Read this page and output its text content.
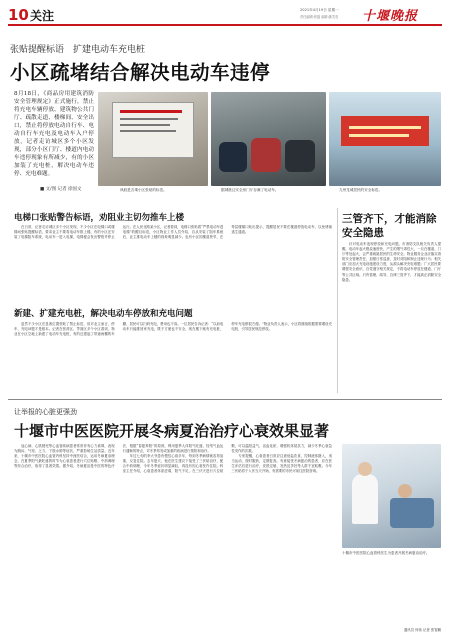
10 关注	2021年4月19日 星期一
责任编辑:张磊 编辑:姚雪莹 十堰晚报
张贴提醒标语　扩建电动车充电桩
小区疏堵结合解决电动车违停
8月18日，《商品房用建筑消防安全管理规定》正式施行，禁止将充电车辆停放、建筑物公共门厅、疏散走道、楼梯间、安全出口，禁止将停放电动自行车、电动自行车充电及电动车入户停放，记者走访城区多个小区发现，部分小区门厅、楼道内电动车违停现象有所减少，有的小区加装了充电桩，解决电动车违停、充电难题。
■ 文/图 记者 徐国文	讽胶是否乘小区张贴的标语。	据城晨且安全房门厅存满了电动车。	九州龙城居民的安全标语。
电梯口张贴警告标语，劝阻业主切勿推车上楼

在日常，记者走访城区多个小区发现，不少小区在电梯口或楼梯间张贴提醒标语，要求业主不要将电动车推上楼。有的小区还安装了电梯阻车系统，电动车一进入电梯，电梯便会发出警报并停止运行。在人民北路某小区，记者看到，电梯口张贴着“严禁电动车进电梯”的醒目标语，小区物业工作人员介绍，自从安装了阻车系统后，业主推电动车上楼的现象明显减少。也有小区因楼道狭窄，在每层楼梯口贴出提示，提醒居民不要在楼道停放电动车，以免堵塞逃生通道。

新建、扩建充电桩，解决电动车停放和充电问题

虽然不少小区在显著位置张贴了禁止标语，但对业主而言，停车、充电问题才是根本。记者在张湾区、茅箭区多个小区看到，物业在小区空地上新建了电动车充电桩，有的还建起了带遮雨棚的车棚，居民可以扫码充电，费用也不高。一位居民告诉记者：“以前电动车只能推回家充电，既不方便也不安全，现在楼下就有充电桩，停车充电都很方便。”物业负责人表示，小区将继续根据需要增设充电桩，引导居民规范停放。

三管齐下，才能消除安全隐患

针对电动车违规停放和充电问题，市消防支队相关负责人提醒，电动车起火燃烧速度快，产生的烟气毒性大，一旦在楼道、门厅等处起火，会严重威胁居民的生命安全。物业服务企业应落实消防安全管理责任，加强日常巡查，及时劝阻和制止违规行为；相关部门应加大充电设施建设力度，从源头解决充电难题；广大居民要增强安全意识，自觉遵守相关规定，不将电动车停放在楼道、门厅等公共区域。只有管理、疏导、自律三管齐下，才能真正消除安全隐患。

让举报的心脏更强劲
十堰市中医医院开展冬病夏治治疗心衰效果显著

冠心病、心肌梗死等心血管疾病患者常常伴有心力衰竭，表现为胸闷、气短、乏力、下肢水肿等症状，严重影响生活质量。近年来，十堰市中医医院心血管内科坚持中西医结合，运用冬病夏治理念，在夏季阳气最旺盛的时节为心衰患者进行穴位贴敷、中药调理等综合治疗，取得了显著效果。据介绍，冬病夏治是中医的特色疗法，根据“春夏养阳”的原则，利用夏季人体阳气旺盛、经络气血运行通畅的特点，对冬季易发或加重的疾病进行预防和治疗。

年过七旬的李大爷患有慢性心衰多年，每到冬季病情就容易加重，反复住院。去年夏天，他在医生建议下接受了三伏贴治疗，配合中药调理，今年冬季症状明显减轻，再没有因心衰发作住院。科室主任介绍，心衰患者体质虚弱，阳气不足，在三伏天进行穴位贴敷，可以温阳益气、活血化瘀，增强机体抵抗力，减少冬季心衰急性发作的次数。

专家提醒，心衰患者日常应注意低盐饮食，控制液体摄入，适当运动，按时服药，定期复查。有意接受冬病夏治的患者，应在医生评估后进行治疗，皮肤过敏、发热及孕妇等人群不宜贴敷。今年三伏贴将于入伏当天开始，有需要的市民可前往医院咨询。

十堰市中医医院心血管科医生为患者开展冬病夏治治疗。
通讯员 何伟 记者 张智鹏
